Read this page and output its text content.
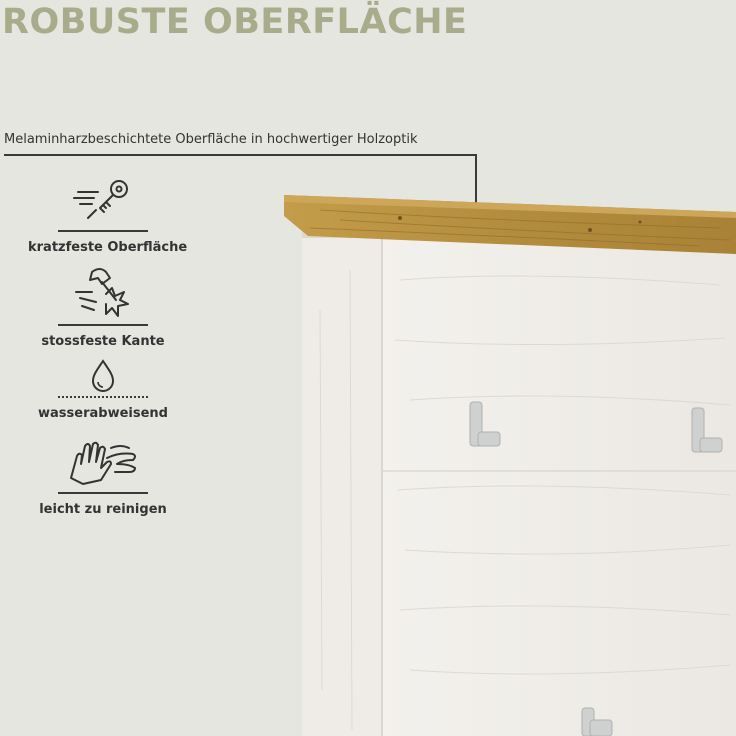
ROBUSTE OBERFLÄCHE
Melaminharzbeschichtete Oberfläche in hochwertiger Holzoptik
kratzfeste Oberfläche
stossfeste Kante
wasserabweisend
leicht zu reinigen
